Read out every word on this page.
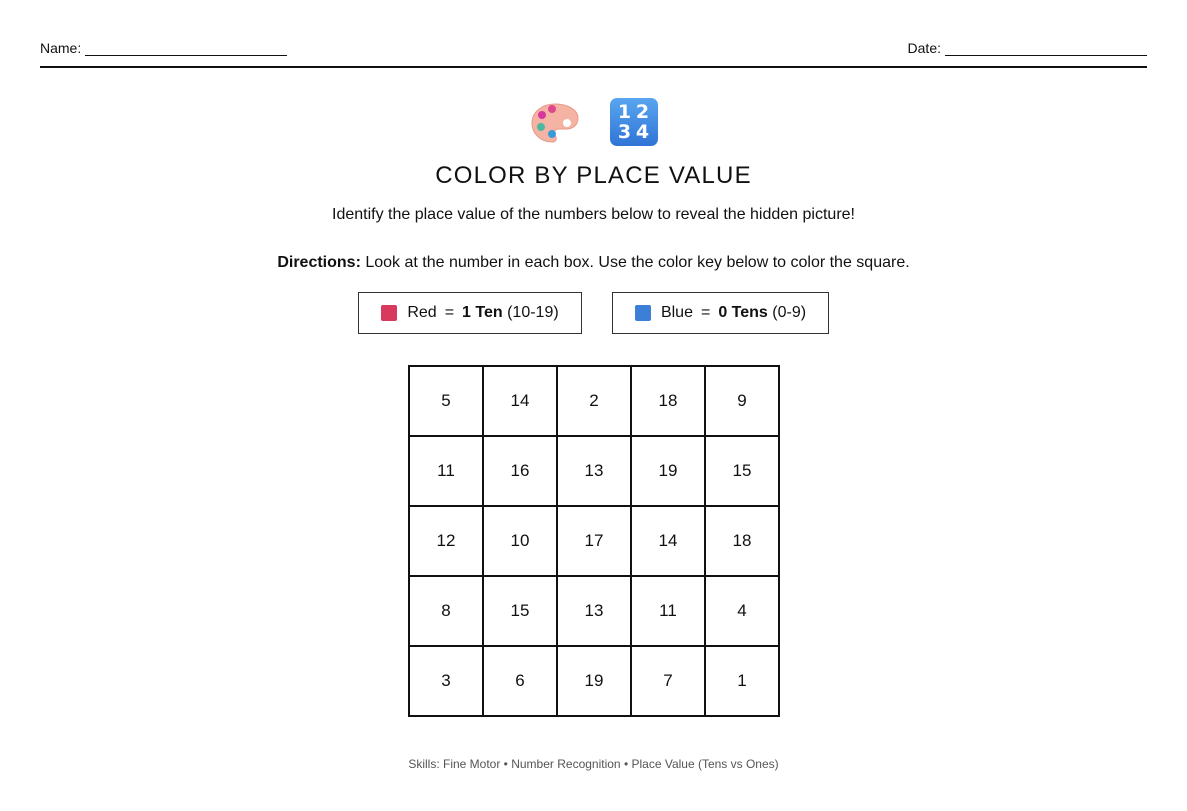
Name:	Date:
1 2
3 4
COLOR BY PLACE VALUE
Identify the place value of the numbers below to reveal the hidden picture!
Directions: Look at the number in each box. Use the color key below to color the square.
Red = 1 Ten (10-19)	Blue = 0 Tens (0-9)
5	14	2	18	9
11	16	13	19	15
12	10	17	14	18
8	15	13	11	4
3	6	19	7	1
Skills: Fine Motor • Number Recognition • Place Value (Tens vs Ones)
